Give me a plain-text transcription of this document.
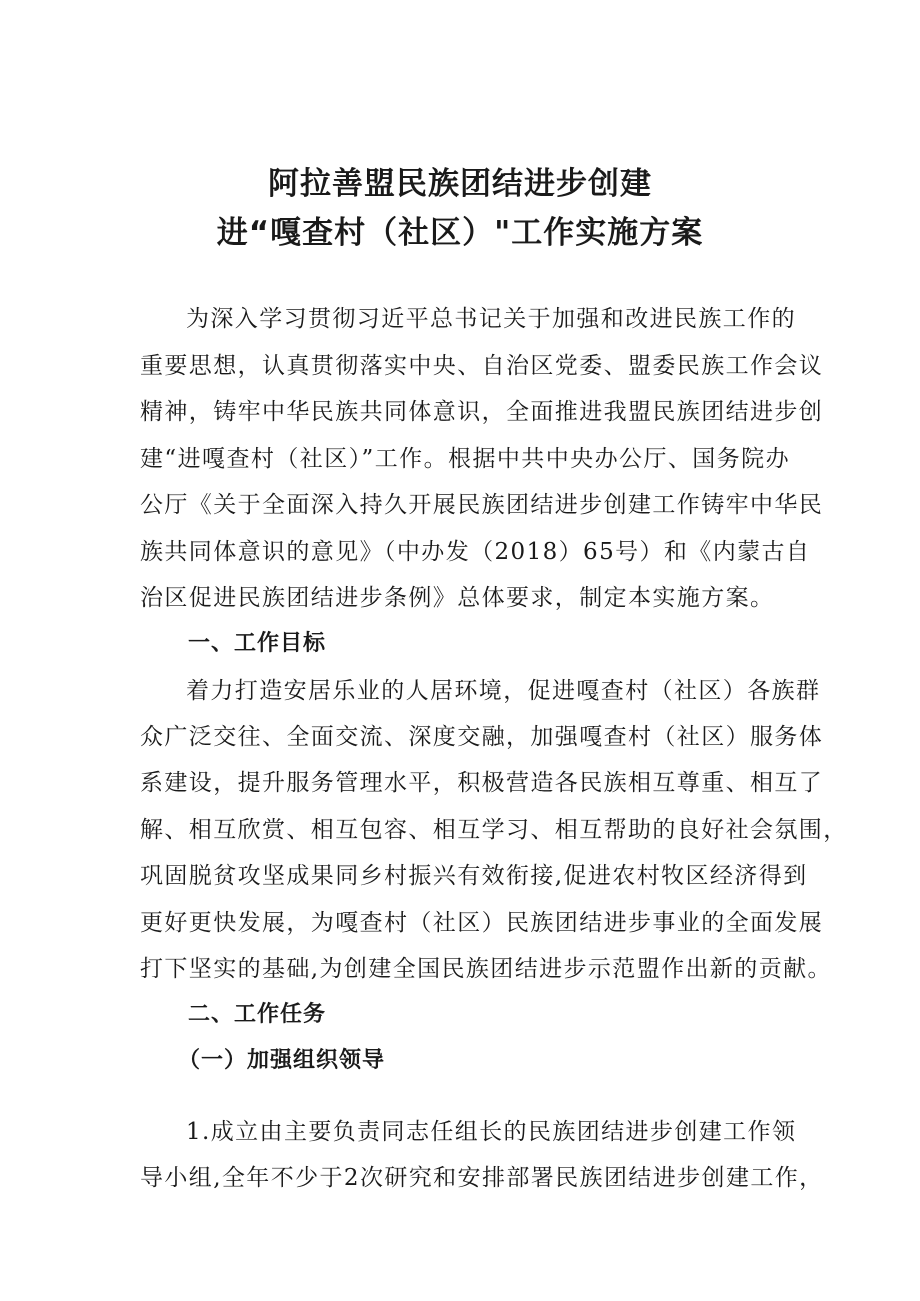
阿拉善盟民族团结进步创建
进“嘎查村（社区）"工作实施方案
为深入学习贯彻习近平总书记关于加强和改进民族工作的
重要思想，认真贯彻落实中央、自治区党委、盟委民族工作会议
精神，铸牢中华民族共同体意识，全面推进我盟民族团结进步创
建“进嘎查村（社区）”工作。根据中共中央办公厅、国务院办
公厅《关于全面深入持久开展民族团结进步创建工作铸牢中华民
族共同体意识的意见》（中办发（2018）65号）和《内蒙古自
治区促进民族团结进步条例》总体要求，制定本实施方案。
一、工作目标
着力打造安居乐业的人居环境，促进嘎查村（社区）各族群
众广泛交往、全面交流、深度交融，加强嘎查村（社区）服务体
系建设，提升服务管理水平，积极营造各民族相互尊重、相互了
解、相互欣赏、相互包容、相互学习、相互帮助的良好社会氛围，
巩固脱贫攻坚成果同乡村振兴有效衔接,促进农村牧区经济得到
更好更快发展，为嘎查村（社区）民族团结进步事业的全面发展
打下坚实的基础,为创建全国民族团结进步示范盟作出新的贡献。
二、工作任务
（一）加强组织领导
1.成立由主要负责同志任组长的民族团结进步创建工作领
导小组,全年不少于2次研究和安排部署民族团结进步创建工作，
